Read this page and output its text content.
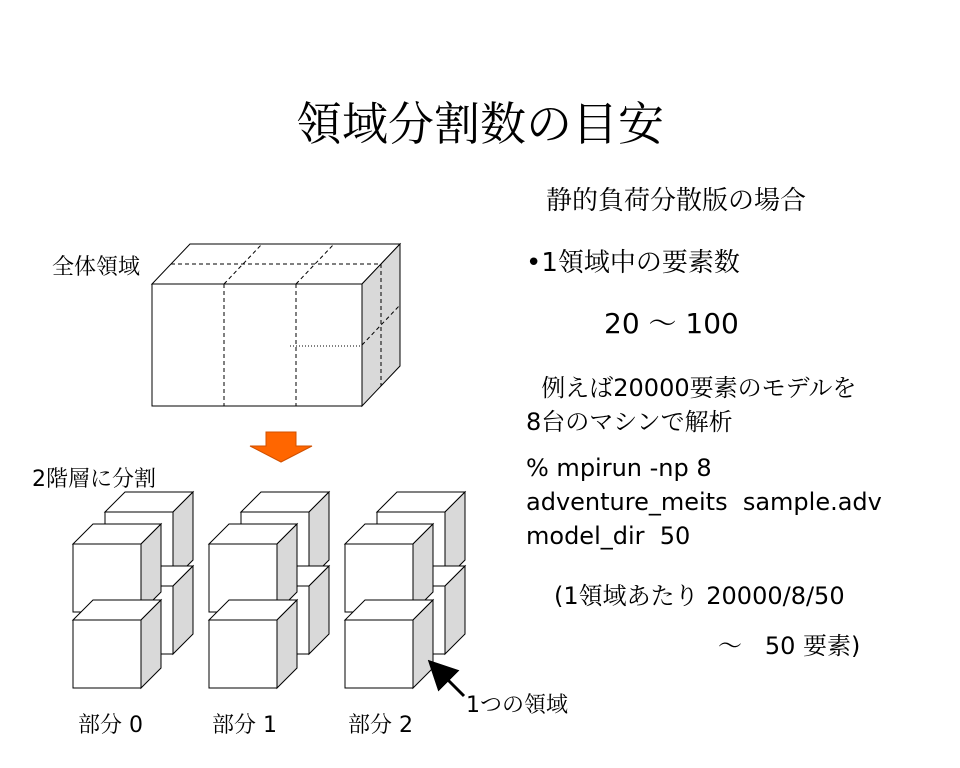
領域分割数の目安
静的負荷分散版の場合
•1領域中の要素数
20 ～ 100
例えば20000要素のモデルを
8台のマシンで解析
% mpirun -np 8
adventure_meits  sample.adv
model_dir  50
(1領域あたり 20000/8/50
～   50 要素)
全体領域
2階層に分割
部分 0	部分 1	部分 2
1つの領域
